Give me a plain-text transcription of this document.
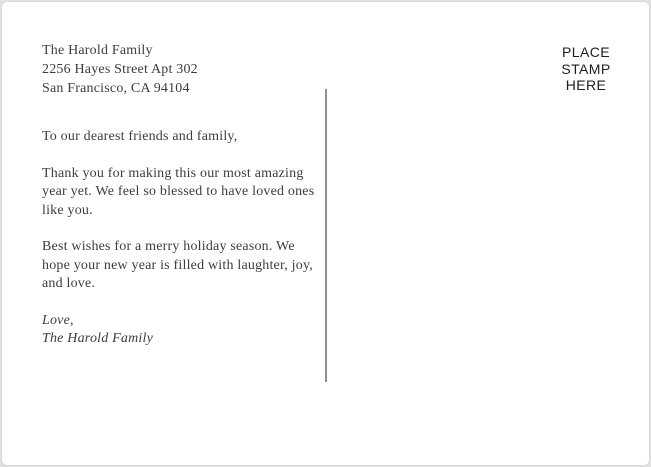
The Harold Family
2256 Hayes Street Apt 302
San Francisco, CA 94104
PLACE
STAMP
HERE
To our dearest friends and family,
Thank you for making this our most amazing
year yet. We feel so blessed to have loved ones
like you.
Best wishes for a merry holiday season. We
hope your new year is filled with laughter, joy,
and love.
Love,
The Harold Family
